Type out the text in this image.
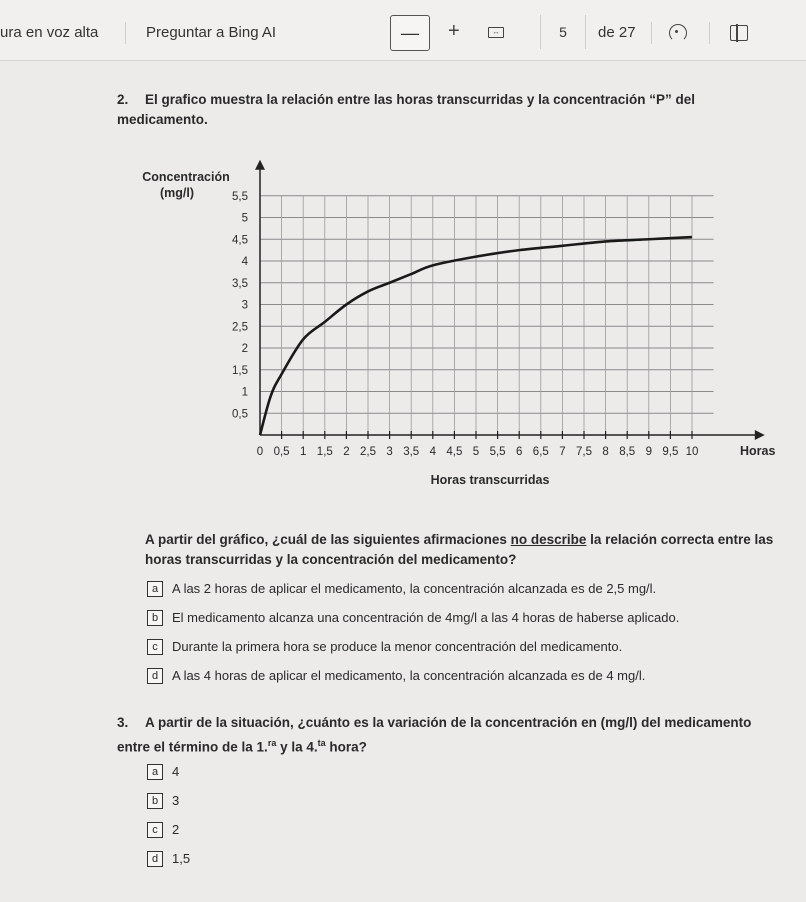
ura en voz alta	Preguntar a Bing AI	— +	↔	5 de 27
2. El grafico muestra la relación entre las horas transcurridas y la concentración “P” del medicamento.
0,5
1
1,5
2
2,5
3
3,5
4
4,5
5
5,5
0 0,5 1 1,5 2 2,5 3 3,5 4 4,5 5 5,5 6 6,5 7 7,5 8 8,5 9 9,5 10
Concentración
(mg/l)
Horas
Horas transcurridas
A partir del gráfico, ¿cuál de las siguientes afirmaciones no describe la relación correcta entre las horas transcurridas y la concentración del medicamento?
a A las 2 horas de aplicar el medicamento, la concentración alcanzada es de 2,5 mg/l.
b El medicamento alcanza una concentración de 4mg/l a las 4 horas de haberse aplicado.
c Durante la primera hora se produce la menor concentración del medicamento.
d A las 4 horas de aplicar el medicamento, la concentración alcanzada es de 4 mg/l.
3. A partir de la situación, ¿cuánto es la variación de la concentración en (mg/l) del medicamento entre el término de la 1.$^{ra}$ y la 4.$^{ta}$ hora?
a 4
b 3
c 2
d 1,5
